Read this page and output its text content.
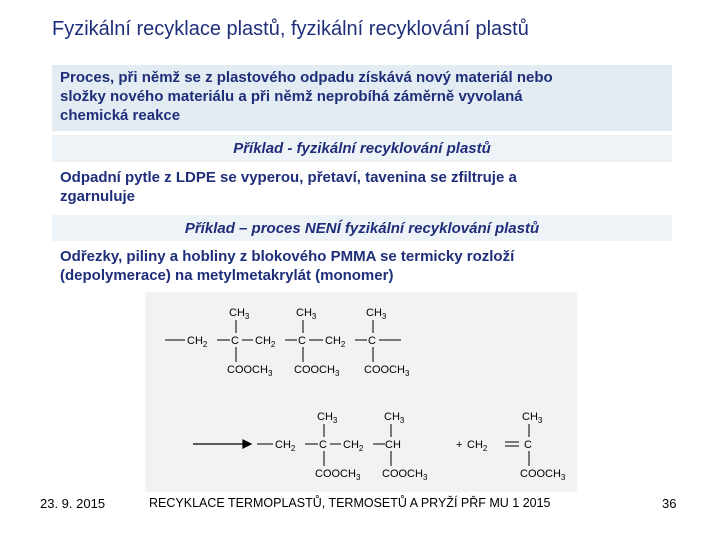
Fyzikální recyklace plastů, fyzikální recyklování plastů
Proces, při němž se z plastového odpadu získává nový materiál nebo
složky nového materiálu a při němž neprobíhá záměrně vyvolaná
chemická reakce
Příklad - fyzikální recyklování plastů
Odpadní pytle z LDPE se vyperou, přetaví, tavenina se zfiltruje a
zgarnuluje
Příklad – proces NENÍ fyzikální recyklování plastů
Odřezky, piliny a hobliny z blokového PMMA se termicky rozloží
(depolymerace) na metylmetakrylát (monomer)
$CH_2$ C $CH_2$ C $CH_2$ C
$CH_3$	$CH_3$	$CH_3$
$COOCH_3$ $COOCH_3$ $COOCH_3$
$CH_2$ C $CH_2$ CH
$CH_3$	$CH_3$
$COOCH_3$ $COOCH_3$
+ $CH_2$	C
$CH_3$
$COOCH_3$
23. 9. 2015	RECYKLACE TERMOPLASTŮ, TERMOSETŮ A PRYŽÍ PŘF MU 1 2015	36
